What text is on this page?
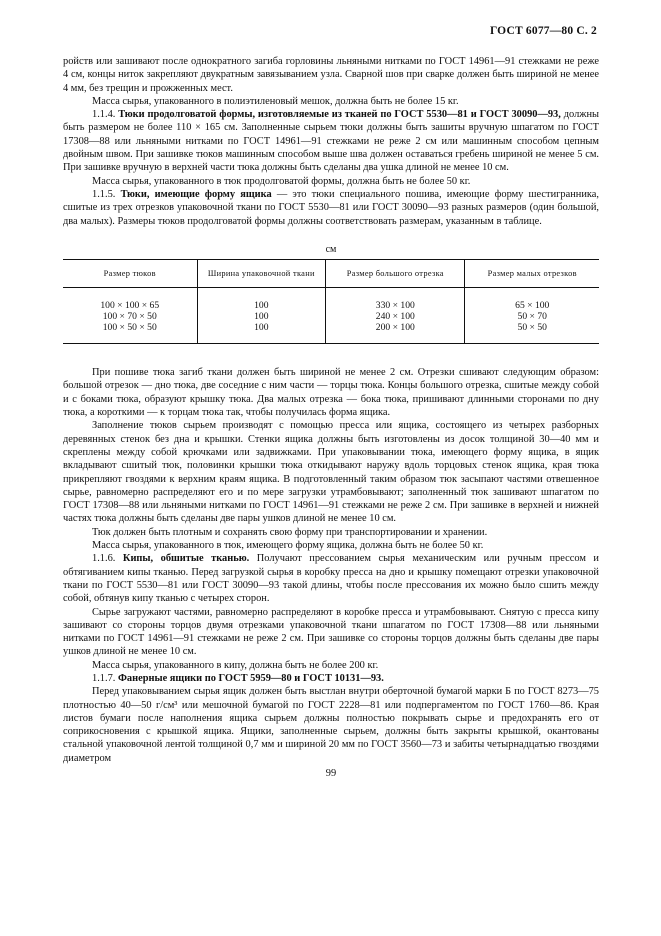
ГОСТ 6077—80 С. 2

ройств или зашивают после однократного загиба горловины льняными нитками по ГОСТ 14961—91 стежками не реже 4 см, концы ниток закрепляют двукратным завязыванием узла. Сварной шов при сварке должен быть шириной не менее 4 мм, без трещин и прожженных мест.

Масса сырья, упакованного в полиэтиленовый мешок, должна быть не более 15 кг.

1.1.4. Тюки продолговатой формы, изготовляемые из тканей по ГОСТ 5530—81 и ГОСТ 30090—93, должны быть размером не более 110 × 165 см. Заполненные сырьем тюки должны быть зашиты вручную шпагатом по ГОСТ 17308—88 или льняными нитками по ГОСТ 14961—91 стежками не реже 2 см или машинным способом цепным двойным швом. При зашивке тюков машинным способом выше шва должен оставаться гребень шириной не менее 5 см. При зашивке вручную в верхней части тюка должны быть сделаны два ушка длиной не менее 10 см.

Масса сырья, упакованного в тюк продолговатой формы, должна быть не более 50 кг.

1.1.5. Тюки, имеющие форму ящика — это тюки специального пошива, имеющие форму шестигранника, сшитые из трех отрезков упаковочной ткани по ГОСТ 5530—81 или ГОСТ 30090—93 разных размеров (один большой, два малых). Размеры тюков продолговатой формы должны соответствовать размерам, указанным в таблице.

см
Размер тюков	Ширина упаковочной ткани	Размер большого отрезка	Размер малых отрезков
100 × 100 × 65	100	330 × 100	65 × 100
100 × 70 × 50	100	240 × 100	50 × 70
100 × 50 × 50	100	200 × 100	50 × 50

При пошиве тюка загиб ткани должен быть шириной не менее 2 см. Отрезки сшивают следующим образом: большой отрезок — дно тюка, две соседние с ним части — торцы тюка. Концы большого отрезка, сшитые между собой и с боками тюка, образуют крышку тюка. Два малых отрезка — бока тюка, пришивают длинными сторонами по дну тюка, а короткими — к торцам тюка так, чтобы получилась форма ящика.

Заполнение тюков сырьем производят с помощью пресса или ящика, состоящего из четырех разборных деревянных стенок без дна и крышки. Стенки ящика должны быть изготовлены из досок толщиной 30—40 мм и скреплены между собой крючками или задвижками. При упаковывании тюка, имеющего форму ящика, в ящик вкладывают сшитый тюк, половинки крышки тюка откидывают наружу вдоль торцовых стенок ящика, края тюка прикрепляют гвоздями к верхним краям ящика. В подготовленный таким образом тюк засыпают частями отвешенное сырье, равномерно распределяют его и по мере загрузки утрамбовывают; заполненный тюк зашивают шпагатом по ГОСТ 17308—88 или льняными нитками по ГОСТ 14961—91 стежками не реже 2 см. При зашивке в верхней и нижней частях тюка должны быть сделаны две пары ушков длиной не менее 10 см.

Тюк должен быть плотным и сохранять свою форму при транспортировании и хранении.

Масса сырья, упакованного в тюк, имеющего форму ящика, должна быть не более 50 кг.

1.1.6. Кипы, обшитые тканью. Получают прессованием сырья механическим или ручным прессом и обтягиванием кипы тканью. Перед загрузкой сырья в коробку пресса на дно и крышку помещают отрезки упаковочной ткани по ГОСТ 5530—81 или ГОСТ 30090—93 такой длины, чтобы после прессования их можно было сшить между собой, обтянув кипу тканью с четырех сторон.

Сырье загружают частями, равномерно распределяют в коробке пресса и утрамбовывают. Снятую с пресса кипу зашивают со стороны торцов двумя отрезками упаковочной ткани шпагатом по ГОСТ 17308—88 или льняными нитками по ГОСТ 14961—91 стежками не реже 2 см. При зашивке со стороны торцов должны быть сделаны две пары ушков длиной не менее 10 см.

Масса сырья, упакованного в кипу, должна быть не более 200 кг.

1.1.7. Фанерные ящики по ГОСТ 5959—80 и ГОСТ 10131—93.

Перед упаковыванием сырья ящик должен быть выстлан внутри оберточной бумагой марки Б по ГОСТ 8273—75 плотностью 40—50 г/см³ или мешочной бумагой по ГОСТ 2228—81 или подпергаментом по ГОСТ 1760—86. Края листов бумаги после наполнения ящика сырьем должны полностью покрывать сырье и предохранять его от соприкосновения с крышкой ящика. Ящики, заполненные сырьем, должны быть закрыты крышкой, окантованы стальной упаковочной лентой толщиной 0,7 мм и шириной 20 мм по ГОСТ 3560—73 и забиты четырнадцатью гвоздями диаметром

99
